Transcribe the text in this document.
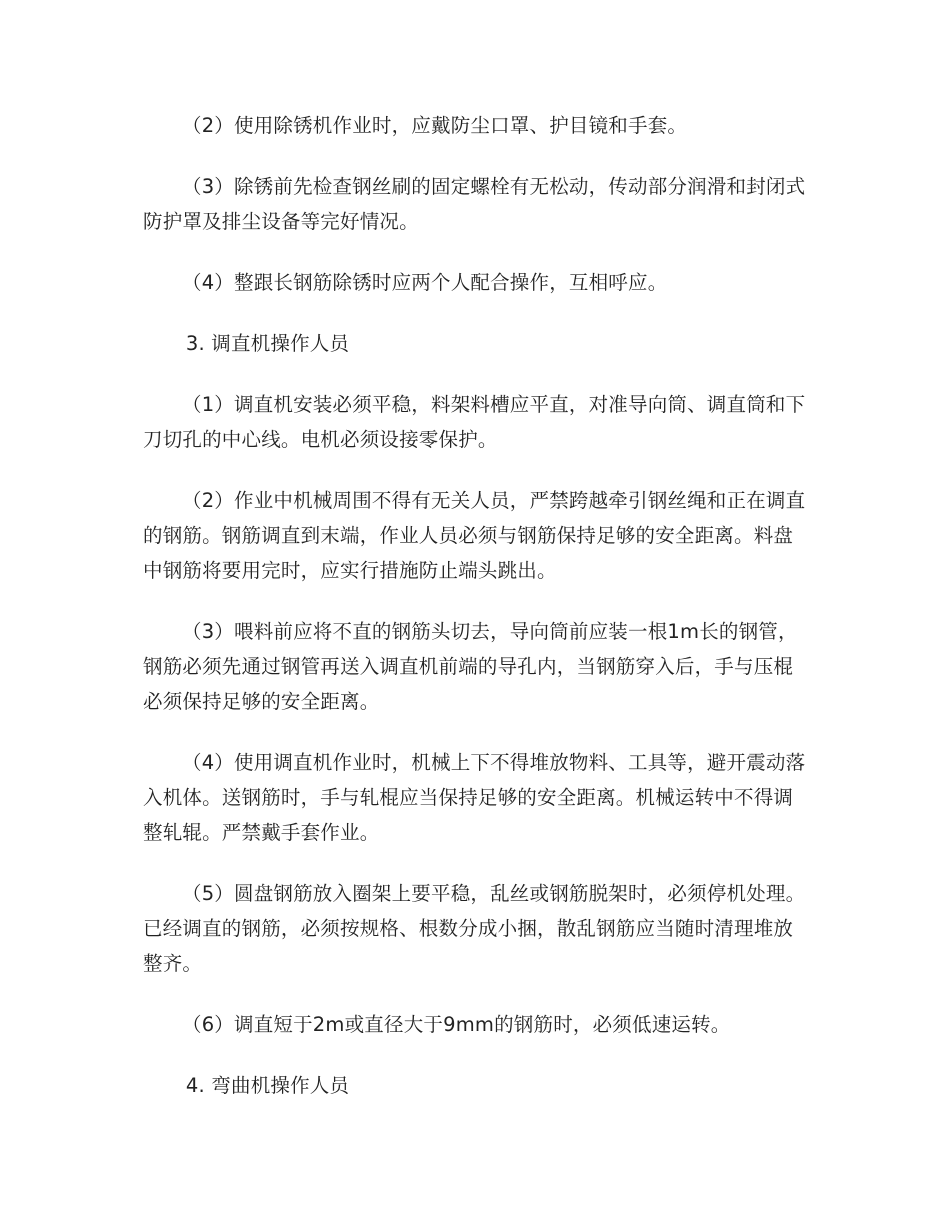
（2）使用除锈机作业时，应戴防尘口罩、护目镜和手套。

（3）除锈前先检查钢丝刷的固定螺栓有无松动，传动部分润滑和封闭式防护罩及排尘设备等完好情况。

（4）整跟长钢筋除锈时应两个人配合操作，互相呼应。

3. 调直机操作人员

（1）调直机安装必须平稳，料架料槽应平直，对准导向筒、调直筒和下刀切孔的中心线。电机必须设接零保护。

（2）作业中机械周围不得有无关人员，严禁跨越牵引钢丝绳和正在调直的钢筋。钢筋调直到末端，作业人员必须与钢筋保持足够的安全距离。料盘中钢筋将要用完时，应实行措施防止端头跳出。

（3）喂料前应将不直的钢筋头切去，导向筒前应装一根1m长的钢管，钢筋必须先通过钢管再送入调直机前端的导孔内，当钢筋穿入后，手与压棍必须保持足够的安全距离。

（4）使用调直机作业时，机械上下不得堆放物料、工具等，避开震动落入机体。送钢筋时，手与轧棍应当保持足够的安全距离。机械运转中不得调整轧辊。严禁戴手套作业。

（5）圆盘钢筋放入圈架上要平稳，乱丝或钢筋脱架时，必须停机处理。已经调直的钢筋，必须按规格、根数分成小捆，散乱钢筋应当随时清理堆放整齐。

（6）调直短于2m或直径大于9mm的钢筋时，必须低速运转。

4. 弯曲机操作人员
